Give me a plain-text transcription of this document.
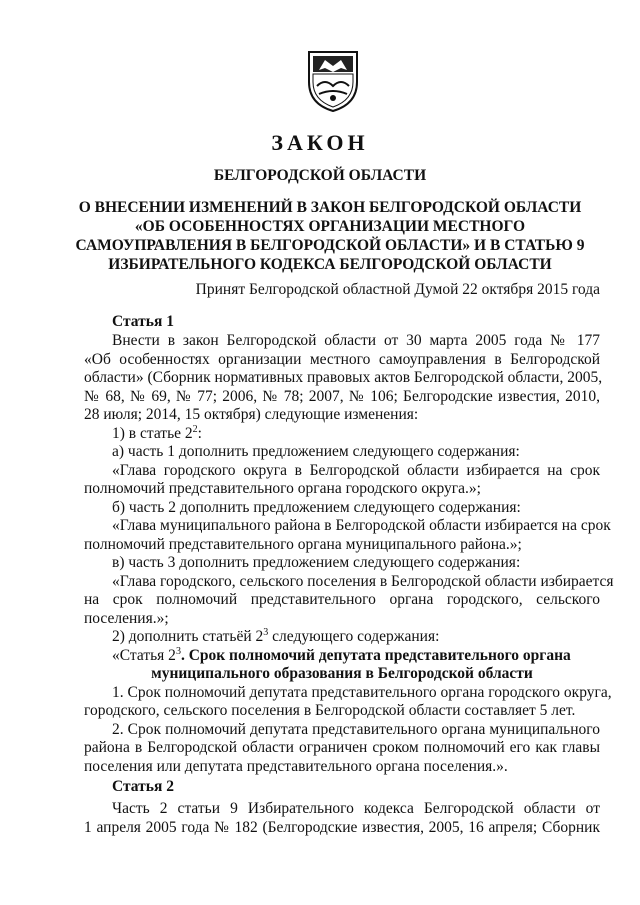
ЗАКОН
БЕЛГОРОДСКОЙ ОБЛАСТИ
О ВНЕСЕНИИ ИЗМЕНЕНИЙ В ЗАКОН БЕЛГОРОДСКОЙ ОБЛАСТИ
«ОБ ОСОБЕННОСТЯХ ОРГАНИЗАЦИИ МЕСТНОГО
САМОУПРАВЛЕНИЯ В БЕЛГОРОДСКОЙ ОБЛАСТИ» И В СТАТЬЮ 9
ИЗБИРАТЕЛЬНОГО КОДЕКСА БЕЛГОРОДСКОЙ ОБЛАСТИ
Принят Белгородской областной Думой 22 октября 2015 года
Статья 1
Внести в закон Белгородской области от 30 марта 2005 года № 177
«Об особенностях организации местного самоуправления в Белгородской
области» (Сборник нормативных правовых актов Белгородской области, 2005,
№ 68, № 69, № 77; 2006, № 78; 2007, № 106; Белгородские известия, 2010,
28 июля; 2014, 15 октября) следующие изменения:
1) в статье $2^2$:
а) часть 1 дополнить предложением следующего содержания:
«Глава городского округа в Белгородской области избирается на срок
полномочий представительного органа городского округа.»;
б) часть 2 дополнить предложением следующего содержания:
«Глава муниципального района в Белгородской области избирается на срок
полномочий представительного органа муниципального района.»;
в) часть 3 дополнить предложением следующего содержания:
«Глава городского, сельского поселения в Белгородской области избирается
на срок полномочий представительного органа городского, сельского
поселения.»;
2) дополнить статьёй $2^3$ следующего содержания:
«Статья $2^3$. Срок полномочий депутата представительного органа
муниципального образования в Белгородской области
1. Срок полномочий депутата представительного органа городского округа,
городского, сельского поселения в Белгородской области составляет 5 лет.
2. Срок полномочий депутата представительного органа муниципального
района в Белгородской области ограничен сроком полномочий его как главы
поселения или депутата представительного органа поселения.».
Статья 2
Часть 2 статьи 9 Избирательного кодекса Белгородской области от
1 апреля 2005 года № 182 (Белгородские известия, 2005, 16 апреля; Сборник
